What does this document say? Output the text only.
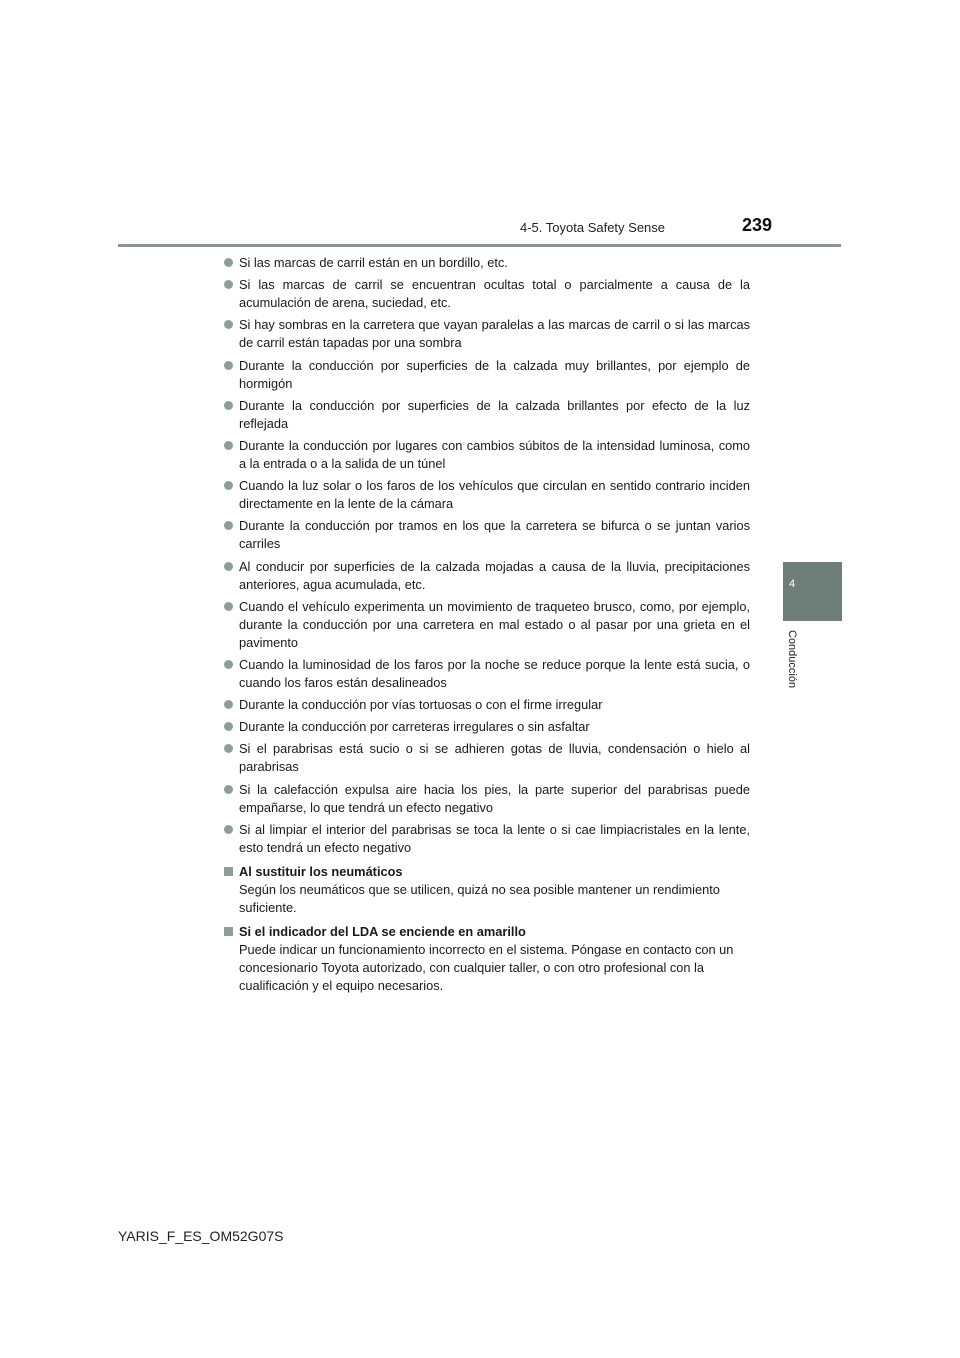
4-5. Toyota Safety Sense	239
4
Conducción
Si las marcas de carril están en un bordillo, etc.
Si las marcas de carril se encuentran ocultas total o parcialmente a causa de la acumulación de arena, suciedad, etc.
Si hay sombras en la carretera que vayan paralelas a las marcas de carril o si las marcas de carril están tapadas por una sombra
Durante la conducción por superficies de la calzada muy brillantes, por ejemplo de hormigón
Durante la conducción por superficies de la calzada brillantes por efecto de la luz reflejada
Durante la conducción por lugares con cambios súbitos de la intensidad luminosa, como a la entrada o a la salida de un túnel
Cuando la luz solar o los faros de los vehículos que circulan en sentido contrario inciden directamente en la lente de la cámara
Durante la conducción por tramos en los que la carretera se bifurca o se juntan varios carriles
Al conducir por superficies de la calzada mojadas a causa de la lluvia, precipitaciones anteriores, agua acumulada, etc.
Cuando el vehículo experimenta un movimiento de traqueteo brusco, como, por ejemplo, durante la conducción por una carretera en mal estado o al pasar por una grieta en el pavimento
Cuando la luminosidad de los faros por la noche se reduce porque la lente está sucia, o cuando los faros están desalineados
Durante la conducción por vías tortuosas o con el firme irregular
Durante la conducción por carreteras irregulares o sin asfaltar
Si el parabrisas está sucio o si se adhieren gotas de lluvia, condensación o hielo al parabrisas
Si la calefacción expulsa aire hacia los pies, la parte superior del parabrisas puede empañarse, lo que tendrá un efecto negativo
Si al limpiar el interior del parabrisas se toca la lente o si cae limpiacristales en la lente, esto tendrá un efecto negativo
Al sustituir los neumáticos
Según los neumáticos que se utilicen, quizá no sea posible mantener un rendimiento suficiente.
Si el indicador del LDA se enciende en amarillo
Puede indicar un funcionamiento incorrecto en el sistema. Póngase en contacto con un concesionario Toyota autorizado, con cualquier taller, o con otro profesional con la cualificación y el equipo necesarios.
YARIS_F_ES_OM52G07S
